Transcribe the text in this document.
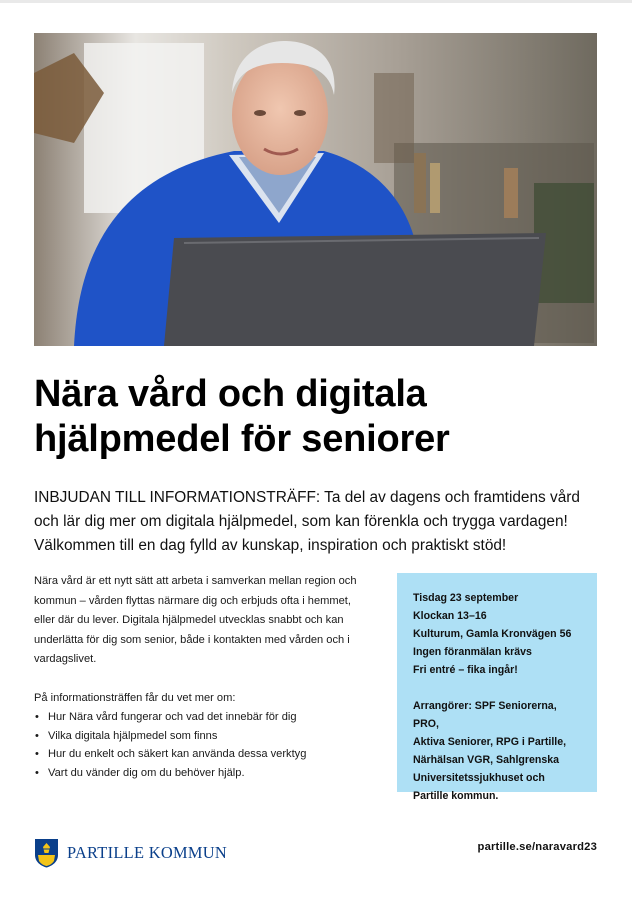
Nära vård och digitala
hjälpmedel för seniorer

INBJUDAN TILL INFORMATIONSTRÄFF: Ta del av dagens och framtidens vård och lär dig mer om digitala hjälpmedel, som kan förenkla och trygga vardagen! Välkommen till en dag fylld av kunskap, inspiration och praktiskt stöd!

Nära vård är ett nytt sätt att arbeta i samverkan mellan region och kommun – vården flyttas närmare dig och erbjuds ofta i hemmet, eller där du lever. Digitala hjälpmedel utvecklas snabbt och kan underlätta för dig som senior, både i kontakten med vården och i vardagslivet.

På informationsträffen får du vet mer om:

• Hur Nära vård fungerar och vad det innebär för dig
• Vilka digitala hjälpmedel som finns
• Hur du enkelt och säkert kan använda dessa verktyg
• Vart du vänder dig om du behöver hjälp.

Tisdag 23 september

Klockan 13–16

Kulturum, Gamla Kronvägen 56

Ingen föranmälan krävs

Fri entré – fika ingår!

Arrangörer: SPF Seniorerna, PRO,

Aktiva Seniorer, RPG i Partille,

Närhälsan VGR, Sahlgrenska

Universitetssjukhuset och

Partille kommun.

PARTILLE KOMMUN	partille.se/naravard23
